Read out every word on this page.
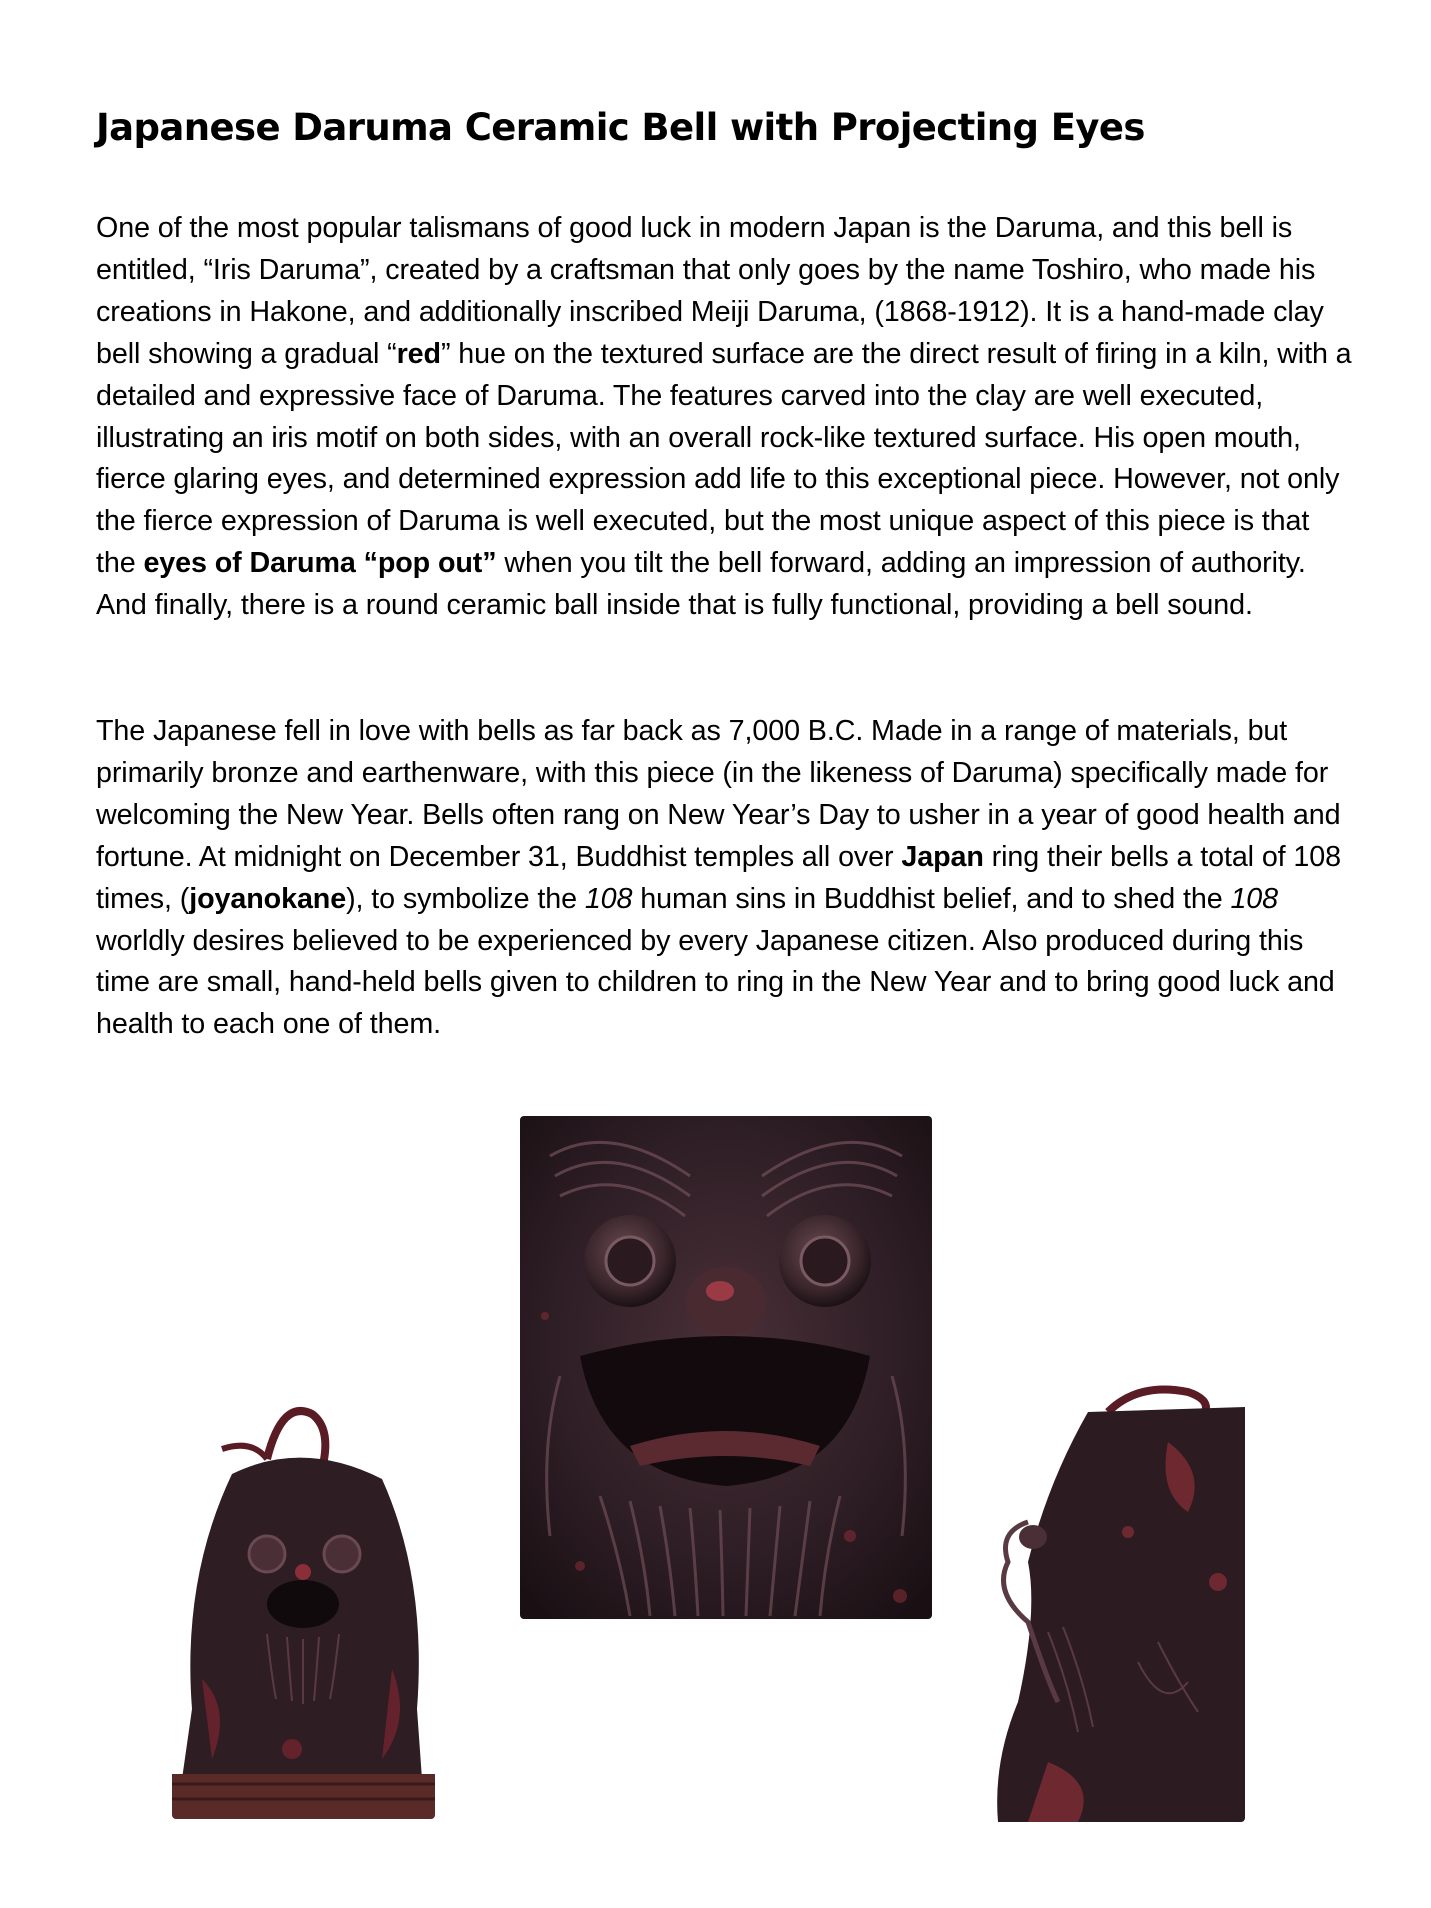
Japanese Daruma Ceramic Bell with Projecting Eyes

One of the most popular talismans of good luck in modern Japan is the Daruma, and this bell is entitled, “Iris Daruma”, created by a craftsman that only goes by the name Toshiro, who made his creations in Hakone, and additionally inscribed Meiji Daruma, (1868-1912). It is a hand-made clay bell showing a gradual “red” hue on the textured surface are the direct result of firing in a kiln, with a detailed and expressive face of Daruma. The features carved into the clay are well executed, illustrating an iris motif on both sides, with an overall rock-like textured surface. His open mouth, fierce glaring eyes, and determined expression add life to this exceptional piece. However, not only the fierce expression of Daruma is well executed, but the most unique aspect of this piece is that the eyes of Daruma “pop out” when you tilt the bell forward, adding an impression of authority. And finally, there is a round ceramic ball inside that is fully functional, providing a bell sound.

The Japanese fell in love with bells as far back as 7,000 B.C. Made in a range of materials, but primarily bronze and earthenware, with this piece (in the likeness of Daruma) specifically made for welcoming the New Year. Bells often rang on New Year’s Day to usher in a year of good health and fortune. At midnight on December 31, Buddhist temples all over Japan ring their bells a total of 108 times, (joyanokane), to symbolize the 108 human sins in Buddhist belief, and to shed the 108 worldly desires believed to be experienced by every Japanese citizen. Also produced during this time are small, hand-held bells given to children to ring in the New Year and to bring good luck and health to each one of them.
